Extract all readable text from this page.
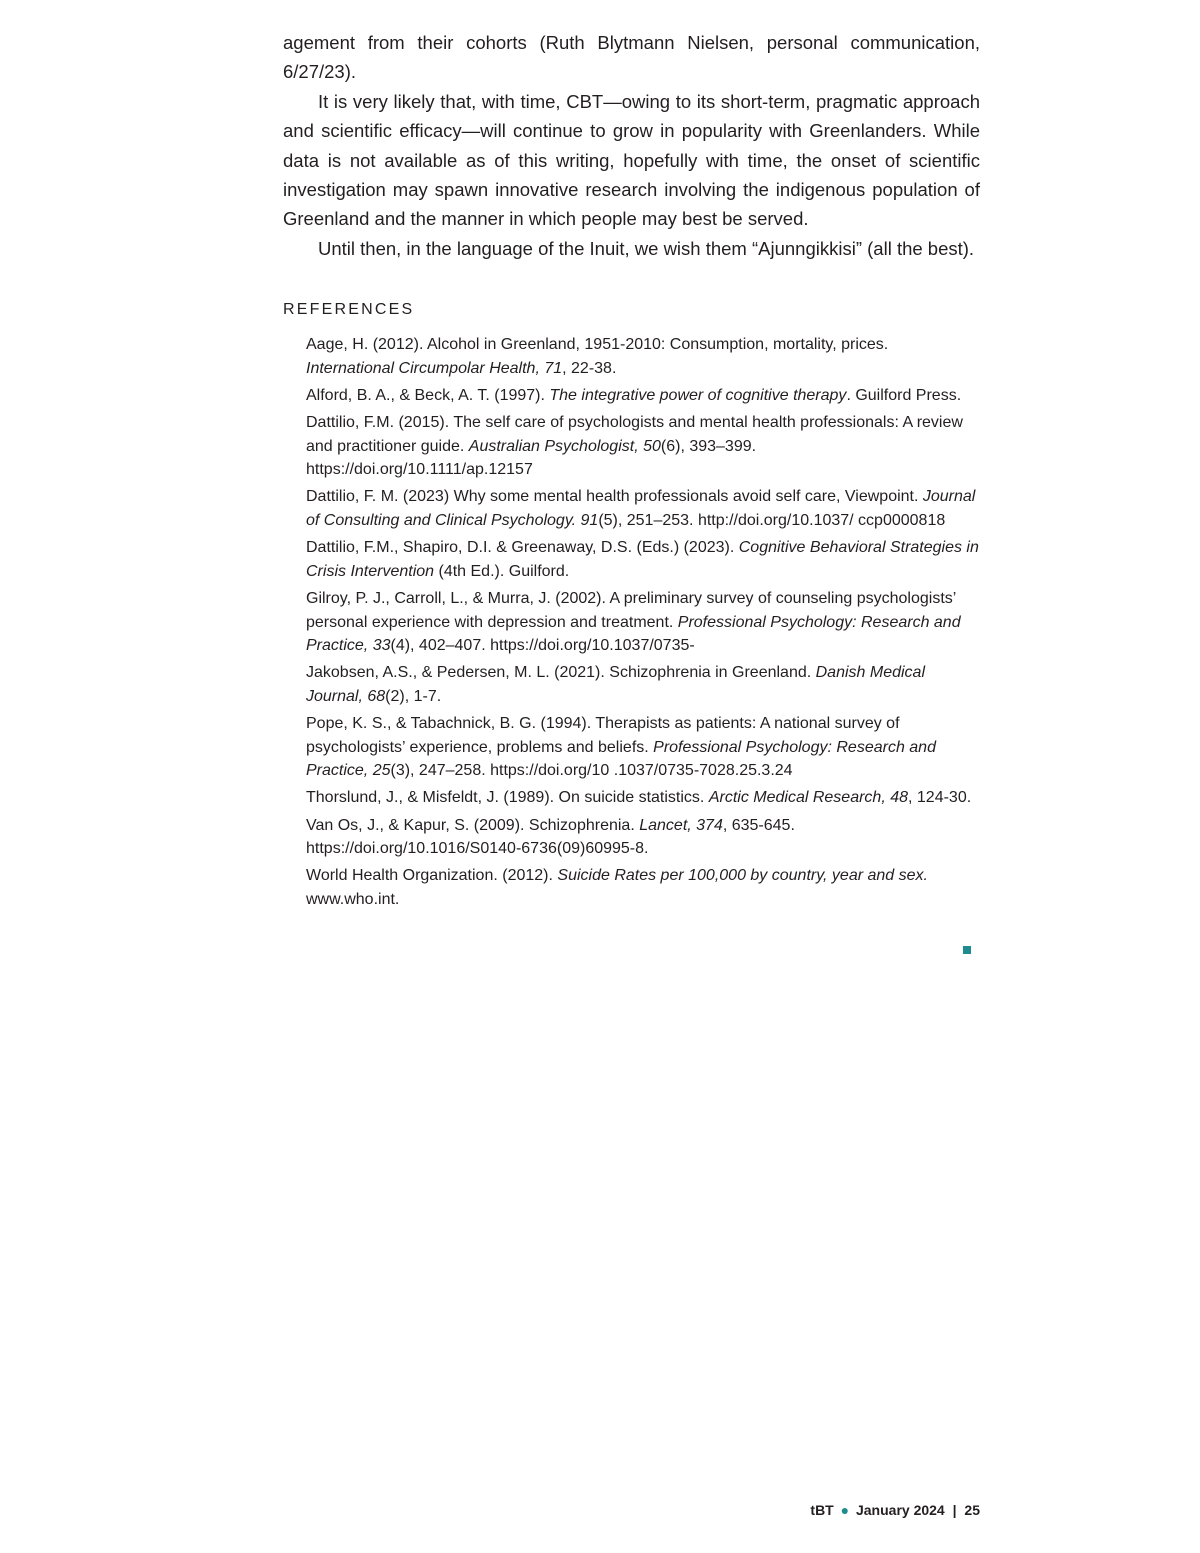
agement from their cohorts (Ruth Blytmann Nielsen, personal communication, 6/27/23).

It is very likely that, with time, CBT—owing to its short-term, pragmatic approach and scientific efficacy—will continue to grow in popularity with Greenlanders. While data is not available as of this writing, hopefully with time, the onset of scientific investigation may spawn innovative research involving the indigenous population of Greenland and the manner in which people may best be served.

Until then, in the language of the Inuit, we wish them “Ajunngikkisi” (all the best).

REFERENCES

Aage, H. (2012). Alcohol in Greenland, 1951-2010: Consumption, mortality, prices. International Circumpolar Health, 71, 22-38.

Alford, B. A., & Beck, A. T. (1997). The integrative power of cognitive therapy. Guilford Press.

Dattilio, F.M. (2015). The self care of psychologists and mental health professionals: A review and practitioner guide. Australian Psychologist, 50(6), 393–399. https://doi.org/10.1111/ap.12157

Dattilio, F. M. (2023) Why some mental health professionals avoid self care, Viewpoint. Journal of Consulting and Clinical Psychology. 91(5), 251–253. http://doi.org/10.1037/ ccp0000818

Dattilio, F.M., Shapiro, D.I. & Greenaway, D.S. (Eds.) (2023). Cognitive Behavioral Strategies in Crisis Intervention (4th Ed.). Guilford.

Gilroy, P. J., Carroll, L., & Murra, J. (2002). A preliminary survey of counseling psychologists’ personal experience with depression and treatment. Professional Psychology: Research and Practice, 33(4), 402–407. https://doi.org/10.1037/0735-

Jakobsen, A.S., & Pedersen, M. L. (2021). Schizophrenia in Greenland. Danish Medical Journal, 68(2), 1-7.

Pope, K. S., & Tabachnick, B. G. (1994). Therapists as patients: A national survey of psychologists’ experience, problems and beliefs. Professional Psychology: Research and Practice, 25(3), 247–258. https://doi.org/10 .1037/0735-7028.25.3.24

Thorslund, J., & Misfeldt, J. (1989). On suicide statistics. Arctic Medical Research, 48, 124-30.

Van Os, J., & Kapur, S. (2009). Schizophrenia. Lancet, 374, 635-645. https://doi.org/10.1016/S0140-6736(09)60995-8.

World Health Organization. (2012). Suicide Rates per 100,000 by country, year and sex. www.who.int.

tBT ● January 2024 | 25
